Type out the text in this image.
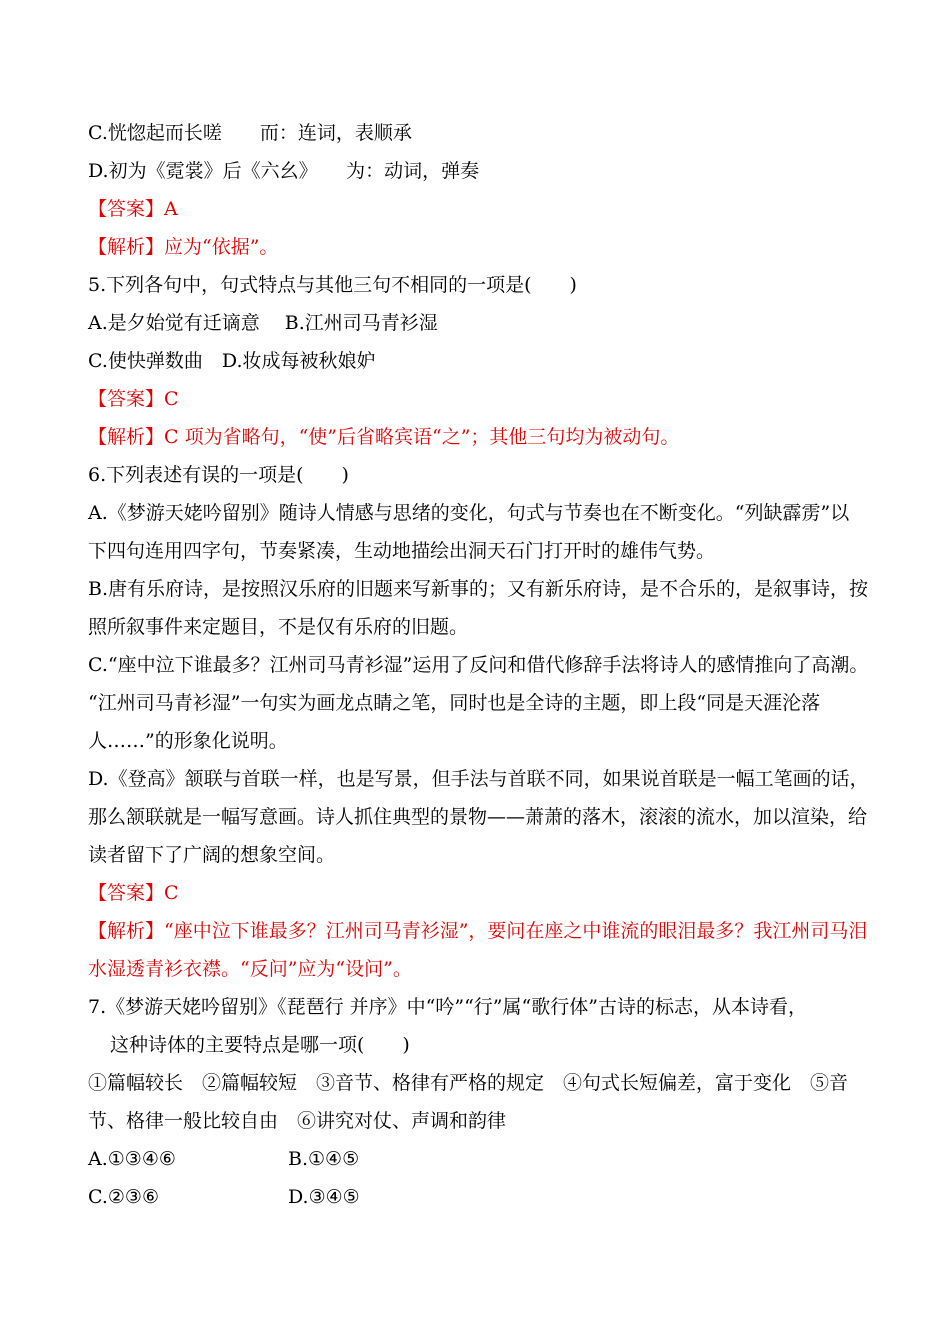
C.恍惚起而长嗟　　而：连词，表顺承
D.初为《霓裳》后《六幺》　　为：动词，弹奏
【答案】A
【解析】应为“依据”。
5.下列各句中，句式特点与其他三句不相同的一项是(　　)
A.是夕始觉有迁谪意　 B.江州司马青衫湿
C.使快弹数曲　D.妆成每被秋娘妒
【答案】C
【解析】C 项为省略句，“使”后省略宾语“之”；其他三句均为被动句。
6.下列表述有误的一项是(　　)
A.《梦游天姥吟留别》随诗人情感与思绪的变化，句式与节奏也在不断变化。“列缺霹雳”以
下四句连用四字句，节奏紧凑，生动地描绘出洞天石门打开时的雄伟气势。
B.唐有乐府诗，是按照汉乐府的旧题来写新事的；又有新乐府诗，是不合乐的，是叙事诗，按
照所叙事件来定题目，不是仅有乐府的旧题。
C.“座中泣下谁最多？江州司马青衫湿”运用了反问和借代修辞手法将诗人的感情推向了高潮。
“江州司马青衫湿”一句实为画龙点睛之笔，同时也是全诗的主题，即上段“同是天涯沦落
人……”的形象化说明。
D.《登高》颔联与首联一样，也是写景，但手法与首联不同，如果说首联是一幅工笔画的话，
那么颔联就是一幅写意画。诗人抓住典型的景物——萧萧的落木，滚滚的流水，加以渲染，给
读者留下了广阔的想象空间。
【答案】C
【解析】“座中泣下谁最多？江州司马青衫湿”，要问在座之中谁流的眼泪最多？我江州司马泪
水湿透青衫衣襟。“反问”应为“设问”。
7.《梦游天姥吟留别》《琵琶行 并序》中“吟”“行”属“歌行体”古诗的标志，从本诗看，
这种诗体的主要特点是哪一项(　　)
①篇幅较长　②篇幅较短　③音节、格律有严格的规定　④句式长短偏差，富于变化　⑤音
节、格律一般比较自由　⑥讲究对仗、声调和韵律
A.①③④⑥	B.①④⑤
C.②③⑥	D.③④⑤
